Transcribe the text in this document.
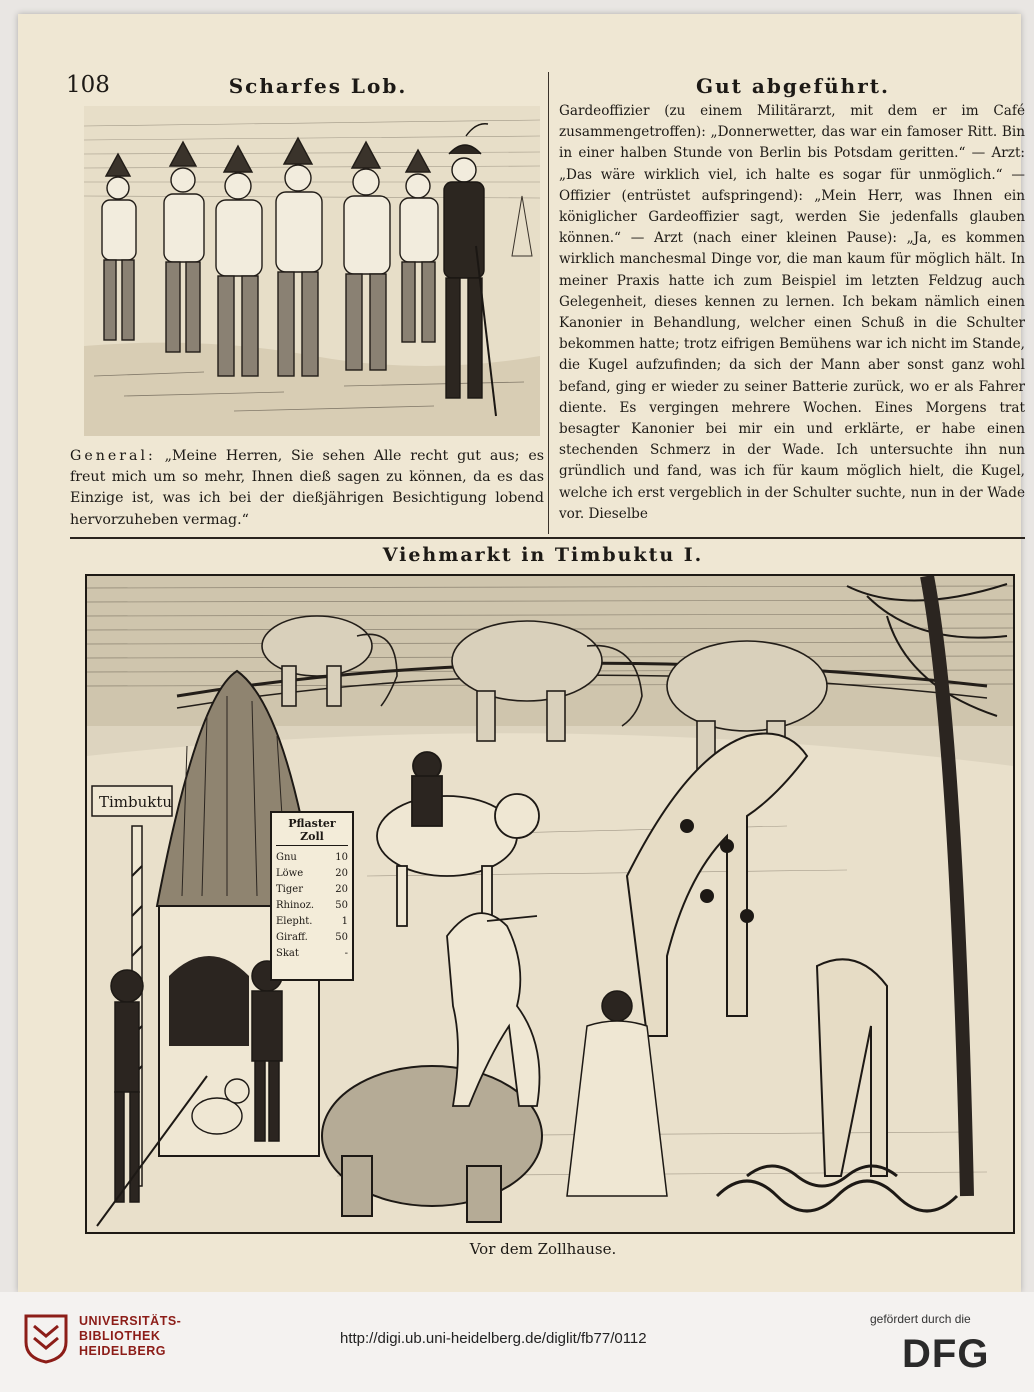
108	Scharfes Lob.	Gut abgeführt.
General: „Meine Herren, Sie sehen Alle recht gut aus; es freut mich um so mehr, Ihnen dieß sagen zu können, da es das Einzige ist, was ich bei der dießjährigen Besichtigung lobend hervorzuheben vermag.“

Gardeoffizier (zu einem Militärarzt, mit dem er im Café zusammengetroffen): „Donnerwetter, das war ein famoser Ritt. Bin in einer halben Stunde von Berlin bis Potsdam geritten.“ — Arzt: „Das wäre wirklich viel, ich halte es sogar für unmöglich.“ — Offizier (entrüstet aufspringend): „Mein Herr, was Ihnen ein königlicher Gardeoffizier sagt, werden Sie jedenfalls glauben können.“ — Arzt (nach einer kleinen Pause): „Ja, es kommen wirklich manchesmal Dinge vor, die man kaum für möglich hält. In meiner Praxis hatte ich zum Beispiel im letzten Feldzug auch Gelegenheit, dieses kennen zu lernen. Ich bekam nämlich einen Kanonier in Behandlung, welcher einen Schuß in die Schulter bekommen hatte; trotz eifrigen Bemühens war ich nicht im Stande, die Kugel aufzufinden; da sich der Mann aber sonst ganz wohl befand, ging er wieder zu seiner Batterie zurück, wo er als Fahrer diente. Es vergingen mehrere Wochen. Eines Morgens trat besagter Kanonier bei mir ein und erklärte, er habe einen stechenden Schmerz in der Wade. Ich untersuchte ihn nun gründlich und fand, was ich für kaum möglich hielt, die Kugel, welche ich erst vergeblich in der Schulter suchte, nun in der Wade vor. Dieselbe

Viehmarkt in Timbuktu I.
Timbuktu
Pflaster Zoll
Gnu	10
Löwe	20
Tiger	20
Rhinoz. 50
Elepht.	1
Giraff.	50
Skat	-
Vor dem Zollhause.
UNIVERSITÄTS-
BIBLIOTHEK
HEIDELBERG
http://digi.ub.uni-heidelberg.de/diglit/fb77/0112
gefördert durch die
DFG
